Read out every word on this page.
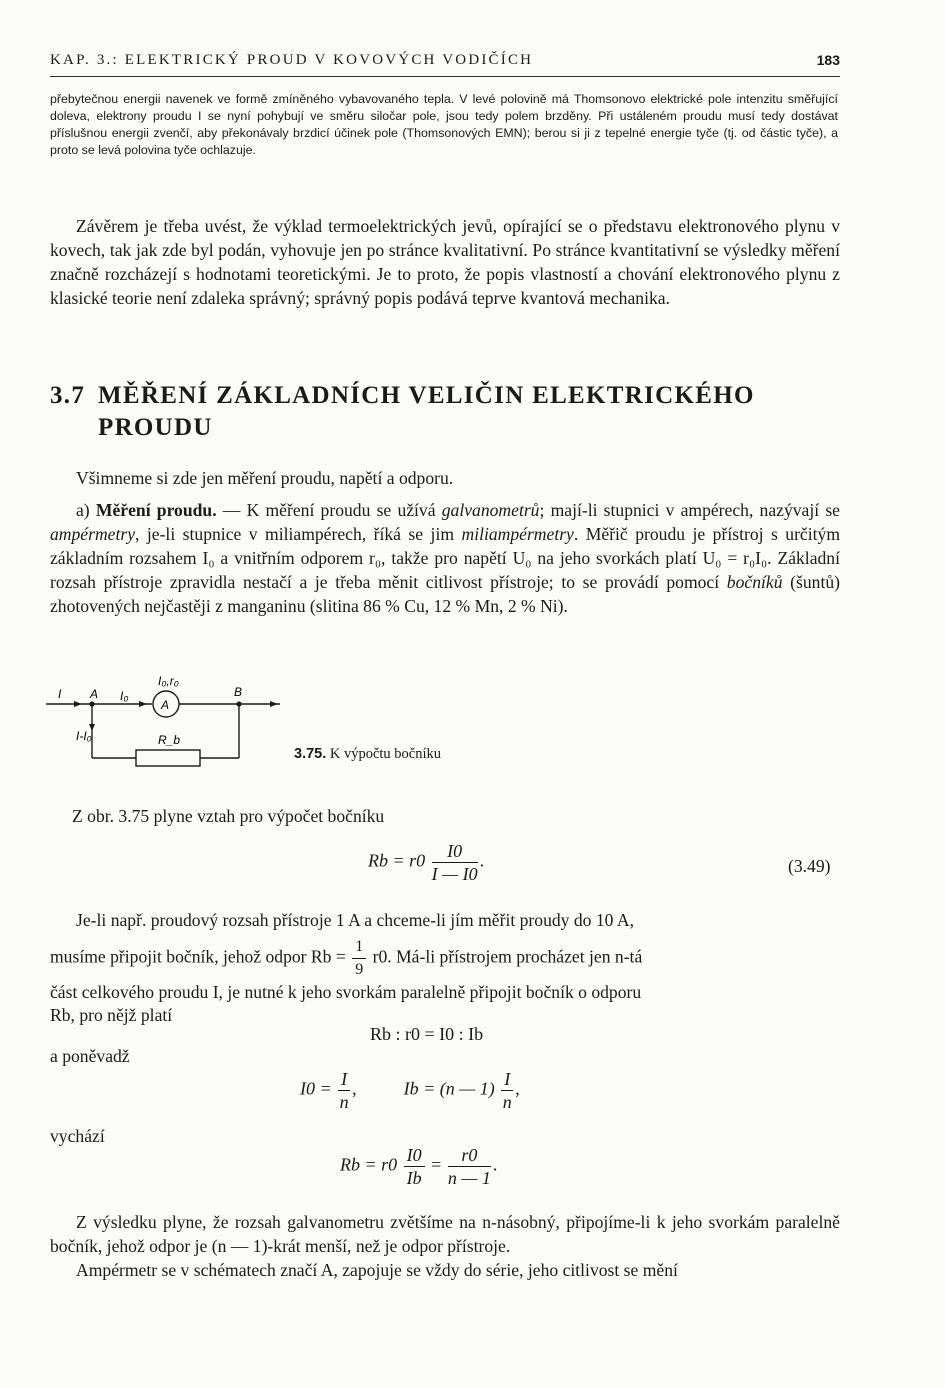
KAP. 3.: ELEKTRICKÝ PROUD V KOVOVÝCH VODIČÍCH	183
přebytečnou energii navenek ve formě zmíněného vybavovaného tepla. V levé polovině má Thomsonovo elektrické pole intenzitu směřující doleva, elektrony proudu I se nyní pohybují ve směru siločar pole, jsou tedy polem brzděny. Při ustáleném proudu musí tedy dostávat příslušnou energii zvenčí, aby překonávaly brzdicí účinek pole (Thomsonových EMN); berou si ji z tepelné energie tyče (tj. od částic tyče), a proto se levá polovina tyče ochlazuje.
Závěrem je třeba uvést, že výklad termoelektrických jevů, opírající se o představu elektronového plynu v kovech, tak jak zde byl podán, vyhovuje jen po stránce kvalitativní. Po stránce kvantitativní se výsledky měření značně rozcházejí s hodnotami teoretickými. Je to proto, že popis vlastností a chování elektronového plynu z klasické teorie není zdaleka správný; správný popis podává teprve kvantová mechanika.
3.7 MĚŘENÍ ZÁKLADNÍCH VELIČIN ELEKTRICKÉHO
PROUDU
Všimneme si zde jen měření proudu, napětí a odporu.
a) Měření proudu. — K měření proudu se užívá galvanometrů; mají-li stupnici v ampérech, nazývají se ampérmetry, je-li stupnice v miliampérech, říká se jim miliampérmetry. Měřič proudu je přístroj s určitým základním rozsahem I₀ a vnitřním odporem r₀, takže pro napětí U₀ na jeho svorkách platí U₀ = r₀I₀. Základní rozsah přístroje zpravidla nestačí a je třeba měnit citlivost přístroje; to se provádí pomocí bočníků (šuntů) zhotovených nejčastěji z manganinu (slitina 86 % Cu, 12 % Mn, 2 % Ni).
I A I₀
I₀,r₀
A
B
I-I₀	R_b
3.75. K výpočtu bočníku
Z obr. 3.75 plyne vztah pro výpočet bočníku
$Rb = r0 \frac{I0}{I — I0}$ .	(3.49)
Je-li např. proudový rozsah přístroje 1 A a chceme-li jím měřit proudy do 10 A,
musíme připojit bočník, jehož odpor $Rb = \frac{1}{9} r0$. Má-li přístrojem procházet jen n-tá
část celkového proudu I, je nutné k jeho svorkám paralelně připojit bočník o odporu
Rb, pro nějž platí
Rb : r0 = I0 : Ib
a poněvadž
$I0 = \frac{I}{n}$ ,	Ib = (n — $1) \frac{I}{n}$ ,
vychází
$Rb = r0 \frac{I0}{Ib} = \frac{r0}{n — 1}$ .
Z výsledku plyne, že rozsah galvanometru zvětšíme na n-násobný, připojíme-li k jeho svorkám paralelně bočník, jehož odpor je (n — 1)-krát menší, než je odpor přístroje.
Ampérmetr se v schématech značí A, zapojuje se vždy do série, jeho citlivost se mění
